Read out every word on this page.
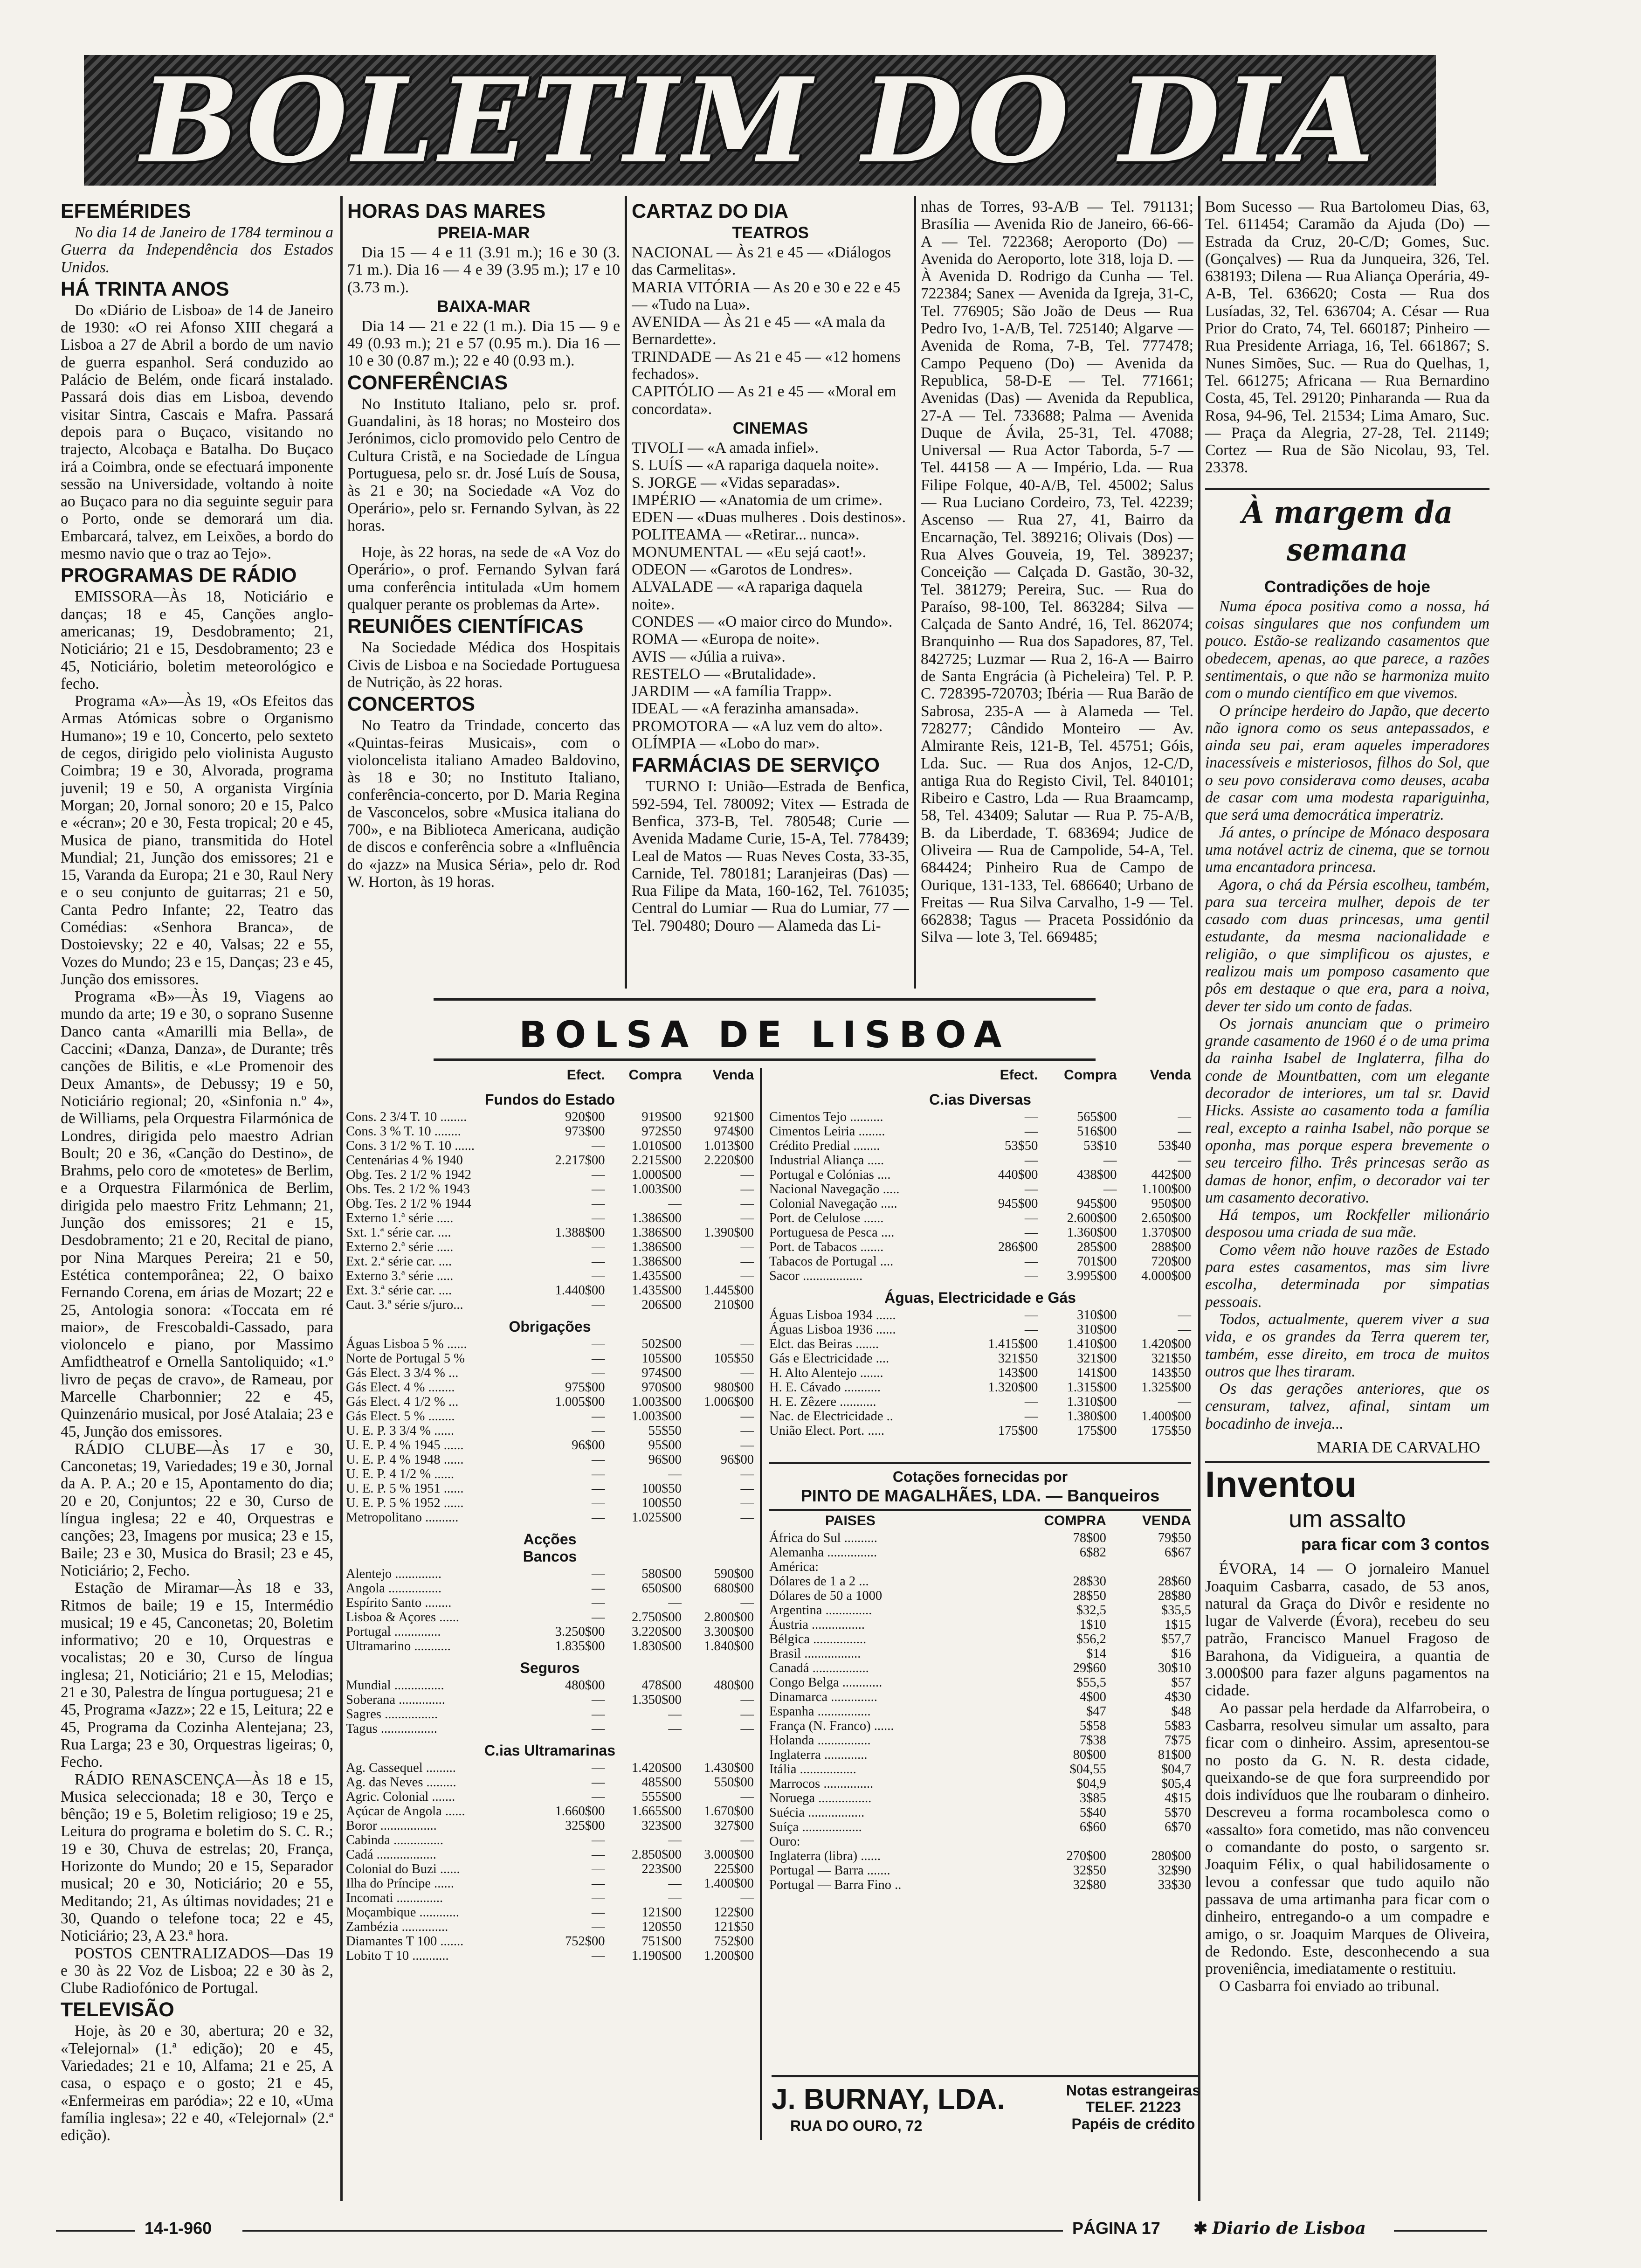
BOLETIM DO DIA
EFEMÉRIDES

No dia 14 de Janeiro de 1784 terminou a Guerra da Independência dos Estados Unidos.

HÁ TRINTA ANOS

Do «Diário de Lisboa» de 14 de Janeiro de 1930: «O rei Afonso XIII chegará a Lisboa a 27 de Abril a bordo de um navio de guerra espanhol. Será conduzido ao Palácio de Belém, onde ficará instalado. Passará dois dias em Lisboa, devendo visitar Sintra, Cascais e Mafra. Passará depois para o Buçaco, visitando no trajecto, Alcobaça e Batalha. Do Buçaco irá a Coimbra, onde se efectuará imponente sessão na Universidade, voltando à noite ao Buçaco para no dia seguinte seguir para o Porto, onde se demorará um dia. Embarcará, talvez, em Leixões, a bordo do mesmo navio que o traz ao Tejo».

PROGRAMAS DE RÁDIO

EMISSORA—Às 18, Noticiário e danças; 18 e 45, Canções anglo-americanas; 19, Desdobramento; 21, Noticiário; 21 e 15, Desdobramento; 23 e 45, Noticiário, boletim meteorológico e fecho.

Programa «A»—Às 19, «Os Efeitos das Armas Atómicas sobre o Organismo Humano»; 19 e 10, Concerto, pelo sexteto de cegos, dirigido pelo violinista Augusto Coimbra; 19 e 30, Alvorada, programa juvenil; 19 e 50, A organista Virgínia Morgan; 20, Jornal sonoro; 20 e 15, Palco e «écran»; 20 e 30, Festa tropical; 20 e 45, Musica de piano, transmitida do Hotel Mundial; 21, Junção dos emissores; 21 e 15, Varanda da Europa; 21 e 30, Raul Nery e o seu conjunto de guitarras; 21 e 50, Canta Pedro Infante; 22, Teatro das Comédias: «Senhora Branca», de Dostoievsky; 22 e 40, Valsas; 22 e 55, Vozes do Mundo; 23 e 15, Danças; 23 e 45, Junção dos emissores.

Programa «B»—Às 19, Viagens ao mundo da arte; 19 e 30, o soprano Susenne Danco canta «Amarilli mia Bella», de Caccini; «Danza, Danza», de Durante; três canções de Bilitis, e «Le Promenoir des Deux Amants», de Debussy; 19 e 50, Noticiário regional; 20, «Sinfonia n.º 4», de Williams, pela Orquestra Filarmónica de Londres, dirigida pelo maestro Adrian Boult; 20 e 36, «Canção do Destino», de Brahms, pelo coro de «motetes» de Berlim, e a Orquestra Filarmónica de Berlim, dirigida pelo maestro Fritz Lehmann; 21, Junção dos emissores; 21 e 15, Desdobramento; 21 e 20, Recital de piano, por Nina Marques Pereira; 21 e 50, Estética contemporânea; 22, O baixo Fernando Corena, em árias de Mozart; 22 e 25, Antologia sonora: «Toccata em ré maior», de Frescobaldi-Cassado, para violoncelo e piano, por Massimo Amfidtheatrof e Ornella Santoliquido; «1.º livro de peças de cravo», de Rameau, por Marcelle Charbonnier; 22 e 45, Quinzenário musical, por José Atalaia; 23 e 45, Junção dos emissores.

RÁDIO CLUBE—Às 17 e 30, Canconetas; 19, Variedades; 19 e 30, Jornal da A. P. A.; 20 e 15, Apontamento do dia; 20 e 20, Conjuntos; 22 e 30, Curso de língua inglesa; 22 e 40, Orquestras e canções; 23, Imagens por musica; 23 e 15, Baile; 23 e 30, Musica do Brasil; 23 e 45, Noticiário; 2, Fecho.

Estação de Miramar—Às 18 e 33, Ritmos de baile; 19 e 15, Intermédio musical; 19 e 45, Canconetas; 20, Boletim informativo; 20 e 10, Orquestras e vocalistas; 20 e 30, Curso de língua inglesa; 21, Noticiário; 21 e 15, Melodias; 21 e 30, Palestra de língua portuguesa; 21 e 45, Programa «Jazz»; 22 e 15, Leitura; 22 e 45, Programa da Cozinha Alentejana; 23, Rua Larga; 23 e 30, Orquestras ligeiras; 0, Fecho.

RÁDIO RENASCENÇA—Às 18 e 15, Musica seleccionada; 18 e 30, Terço e bênção; 19 e 5, Boletim religioso; 19 e 25, Leitura do programa e boletim do S. C. R.; 19 e 30, Chuva de estrelas; 20, França, Horizonte do Mundo; 20 e 15, Separador musical; 20 e 30, Noticiário; 20 e 55, Meditando; 21, As últimas novidades; 21 e 30, Quando o telefone toca; 22 e 45, Noticiário; 23, A 23.ª hora.

POSTOS CENTRALIZADOS—Das 19 e 30 às 22 Voz de Lisboa; 22 e 30 às 2, Clube Radiofónico de Portugal.

TELEVISÃO

Hoje, às 20 e 30, abertura; 20 e 32, «Telejornal» (1.ª edição); 20 e 45, Variedades; 21 e 10, Alfama; 21 e 25, A casa, o espaço e o gosto; 21 e 45, «Enfermeiras em paródia»; 22 e 10, «Uma família inglesa»; 22 e 40, «Telejornal» (2.ª edição).

HORAS DAS MARES
PREIA-MAR

Dia 15 — 4 e 11 (3.91 m.); 16 e 30 (3. 71 m.). Dia 16 — 4 e 39 (3.95 m.); 17 e 10 (3.73 m.).

BAIXA-MAR

Dia 14 — 21 e 22 (1 m.). Dia 15 — 9 e 49 (0.93 m.); 21 e 57 (0.95 m.). Dia 16 — 10 e 30 (0.87 m.); 22 e 40 (0.93 m.).

CONFERÊNCIAS

No Instituto Italiano, pelo sr. prof. Guandalini, às 18 horas; no Mosteiro dos Jerónimos, ciclo promovido pelo Centro de Cultura Cristã, e na Sociedade de Língua Portuguesa, pelo sr. dr. José Luís de Sousa, às 21 e 30; na Sociedade «A Voz do Operário», pelo sr. Fernando Sylvan, às 22 horas.

Hoje, às 22 horas, na sede de «A Voz do Operário», o prof. Fernando Sylvan fará uma conferência intitulada «Um homem qualquer perante os problemas da Arte».

REUNIÕES CIENTÍFICAS

Na Sociedade Médica dos Hospitais Civis de Lisboa e na Sociedade Portuguesa de Nutrição, às 22 horas.

CONCERTOS

No Teatro da Trindade, concerto das «Quintas-feiras Musicais», com o violoncelista italiano Amadeo Baldovino, às 18 e 30; no Instituto Italiano, conferência-concerto, por D. Maria Regina de Vasconcelos, sobre «Musica italiana do 700», e na Biblioteca Americana, audição de discos e conferência sobre a «Influência do «jazz» na Musica Séria», pelo dr. Rod W. Horton, às 19 horas.

CARTAZ DO DIA
TEATROS
NACIONAL — Às 21 e 45 — «Diálogos das Carmelitas».
MARIA VITÓRIA — As 20 e 30 e 22 e 45 — «Tudo na Lua».
AVENIDA — Às 21 e 45 — «A mala da Bernardette».
TRINDADE — As 21 e 45 — «12 homens fechados».
CAPITÓLIO — As 21 e 45 — «Moral em concordata».
CINEMAS
TIVOLI — «A amada infiel».
S. LUÍS — «A rapariga daquela noite».
S. JORGE — «Vidas separadas».
IMPÉRIO — «Anatomia de um crime».
EDEN — «Duas mulheres . Dois destinos».
POLITEAMA — «Retirar... nunca».
MONUMENTAL — «Eu sejá caot!».
ODEON — «Garotos de Londres».
ALVALADE — «A rapariga daquela noite».
CONDES — «O maior circo do Mundo».
ROMA — «Europa de noite».
AVIS — «Júlia a ruiva».
RESTELO — «Brutalidade».
JARDIM — «A família Trapp».
IDEAL — «A ferazinha amansada».
PROMOTORA — «A luz vem do alto».
OLÍMPIA — «Lobo do mar».
FARMÁCIAS DE SERVIÇO

TURNO I: União—Estrada de Benfica, 592-594, Tel. 780092; Vitex — Estrada de Benfica, 373-B, Tel. 780548; Curie — Avenida Madame Curie, 15-A, Tel. 778439; Leal de Matos — Ruas Neves Costa, 33-35, Carnide, Tel. 780181; Laranjeiras (Das) — Rua Filipe da Mata, 160-162, Tel. 761035; Central do Lumiar — Rua do Lumiar, 77 — Tel. 790480; Douro — Alameda das Li-

nhas de Torres, 93-A/B — Tel. 791131; Brasília — Avenida Rio de Janeiro, 66-66-A — Tel. 722368; Aeroporto (Do) — Avenida do Aeroporto, lote 318, loja D. — À Avenida D. Rodrigo da Cunha — Tel. 722384; Sanex — Avenida da Igreja, 31-C, Tel. 776905; São João de Deus — Rua Pedro Ivo, 1-A/B, Tel. 725140; Algarve — Avenida de Roma, 7-B, Tel. 777478; Campo Pequeno (Do) — Avenida da Republica, 58-D-E — Tel. 771661; Avenidas (Das) — Avenida da Republica, 27-A — Tel. 733688; Palma — Avenida Duque de Ávila, 25-31, Tel. 47088; Universal — Rua Actor Taborda, 5-7 — Tel. 44158 — A — Império, Lda. — Rua Filipe Folque, 40-A/B, Tel. 45002; Salus — Rua Luciano Cordeiro, 73, Tel. 42239; Ascenso — Rua 27, 41, Bairro da Encarnação, Tel. 389216; Olivais (Dos) — Rua Alves Gouveia, 19, Tel. 389237; Conceição — Calçada D. Gastão, 30-32, Tel. 381279; Pereira, Suc. — Rua do Paraíso, 98-100, Tel. 863284; Silva — Calçada de Santo André, 16, Tel. 862074; Branquinho — Rua dos Sapadores, 87, Tel. 842725; Luzmar — Rua 2, 16-A — Bairro de Santa Engrácia (à Picheleira) Tel. P. P. C. 728395-720703; Ibéria — Rua Barão de Sabrosa, 235-A — à Alameda — Tel. 728277; Cândido Monteiro — Av. Almirante Reis, 121-B, Tel. 45751; Góis, Lda. Suc. — Rua dos Anjos, 12-C/D, antiga Rua do Registo Civil, Tel. 840101; Ribeiro e Castro, Lda — Rua Braamcamp, 58, Tel. 43409; Salutar — Rua P. 75-A/B, B. da Liberdade, T. 683694; Judice de Oliveira — Rua de Campolide, 54-A, Tel. 684424; Pinheiro Rua de Campo de Ourique, 131-133, Tel. 686640; Urbano de Freitas — Rua Silva Carvalho, 1-9 — Tel. 662838; Tagus — Praceta Possidónio da Silva — lote 3, Tel. 669485;
Bom Sucesso — Rua Bartolomeu Dias, 63, Tel. 611454; Caramão da Ajuda (Do) — Estrada da Cruz, 20-C/D; Gomes, Suc. (Gonçalves) — Rua da Junqueira, 326, Tel. 638193; Dilena — Rua Aliança Operária, 49-A-B, Tel. 636620; Costa — Rua dos Lusíadas, 32, Tel. 636704; A. César — Rua Prior do Crato, 74, Tel. 660187; Pinheiro — Rua Presidente Arriaga, 16, Tel. 661867; S. Nunes Simões, Suc. — Rua do Quelhas, 1, Tel. 661275; Africana — Rua Bernardino Costa, 45, Tel. 29120; Pinharanda — Rua da Rosa, 94-96, Tel. 21534; Lima Amaro, Suc. — Praça da Alegria, 27-28, Tel. 21149; Cortez — Rua de São Nicolau, 93, Tel. 23378.
À margem da semana
Contradições de hoje

Numa época positiva como a nossa, há coisas singulares que nos confundem um pouco. Estão-se realizando casamentos que obedecem, apenas, ao que parece, a razões sentimentais, o que não se harmoniza muito com o mundo científico em que vivemos.

O príncipe herdeiro do Japão, que decerto não ignora como os seus antepassados, e ainda seu pai, eram aqueles imperadores inacessíveis e misteriosos, filhos do Sol, que o seu povo considerava como deuses, acaba de casar com uma modesta rapariguinha, que será uma democrática imperatriz.

Já antes, o príncipe de Mónaco desposara uma notável actriz de cinema, que se tornou uma encantadora princesa.

Agora, o chá da Pérsia escolheu, também, para sua terceira mulher, depois de ter casado com duas princesas, uma gentil estudante, da mesma nacionalidade e religião, o que simplificou os ajustes, e realizou mais um pomposo casamento que pôs em destaque o que era, para a noiva, dever ter sido um conto de fadas.

Os jornais anunciam que o primeiro grande casamento de 1960 é o de uma prima da rainha Isabel de Inglaterra, filha do conde de Mountbatten, com um elegante decorador de interiores, um tal sr. David Hicks. Assiste ao casamento toda a família real, excepto a rainha Isabel, não porque se oponha, mas porque espera brevemente o seu terceiro filho. Três princesas serão as damas de honor, enfim, o decorador vai ter um casamento decorativo.

Há tempos, um Rockfeller milionário desposou uma criada de sua mãe.

Como vêem não houve razões de Estado para estes casamentos, mas sim livre escolha, determinada por simpatias pessoais.

Todos, actualmente, querem viver a sua vida, e os grandes da Terra querem ter, também, esse direito, em troca de muitos outros que lhes tiraram.

Os das gerações anteriores, que os censuram, talvez, afinal, sintam um bocadinho de inveja...

MARIA DE CARVALHO
Inventou
um assalto
para ficar com 3 contos

ÉVORA, 14 — O jornaleiro Manuel Joaquim Casbarra, casado, de 53 anos, natural da Graça do Divôr e residente no lugar de Valverde (Évora), recebeu do seu patrão, Francisco Manuel Fragoso de Barahona, da Vidigueira, a quantia de 3.000$00 para fazer alguns pagamentos na cidade.

Ao passar pela herdade da Alfarrobeira, o Casbarra, resolveu simular um assalto, para ficar com o dinheiro. Assim, apresentou-se no posto da G. N. R. desta cidade, queixando-se de que fora surpreendido por dois indivíduos que lhe roubaram o dinheiro. Descreveu a forma rocambolesca como o «assalto» fora cometido, mas não convenceu o comandante do posto, o sargento sr. Joaquim Félix, o qual habilidosamente o levou a confessar que tudo aquilo não passava de uma artimanha para ficar com o dinheiro, entregando-o a um compadre e amigo, o sr. Joaquim Marques de Oliveira, de Redondo. Este, desconhecendo a sua proveniência, imediatamente o restituiu.

O Casbarra foi enviado ao tribunal.

BOLSA DE LISBOA
	Efect.	Compra	Venda
Fundos do Estado			
Cons. 2 3/4 T. 10 ........	920$00	919$00	921$00
Cons. 3 % T. 10 ........	973$00	972$50	974$00
Cons. 3 1/2 % T. 10 ......	—	1.010$00	1.013$00
Centenárias 4 % 1940	2.217$00	2.215$00	2.220$00
Obg. Tes. 2 1/2 % 1942	—	1.000$00	—
Obs. Tes. 2 1/2 % 1943	—	1.003$00	—
Obg. Tes. 2 1/2 % 1944	—	—	—
Externo 1.ª série .....	—	1.386$00	—
Sxt. 1.ª série car. ....	1.388$00	1.386$00	1.390$00
Externo 2.ª série .....	—	1.386$00	—
Ext. 2.ª série car. ....	—	1.386$00	—
Externo 3.ª série .....	—	1.435$00	—
Ext. 3.ª série car. ....	1.440$00	1.435$00	1.445$00
Caut. 3.ª série s/juro...	—	206$00	210$00
Obrigações			
Águas Lisboa 5 % ......	—	502$00	—
Norte de Portugal 5 %	—	105$00	105$50
Gás Elect. 3 3/4 % ...	—	974$00	—
Gás Elect. 4 % ........	975$00	970$00	980$00
Gás Elect. 4 1/2 % ...	1.005$00	1.003$00	1.006$00
Gás Elect. 5 % ........	—	1.003$00	—
U. E. P. 3 3/4 % ......	—	55$50	—
U. E. P. 4 % 1945 ......	96$00	95$00	—
U. E. P. 4 % 1948 ......	—	96$00	96$00
U. E. P. 4 1/2 % ......	—	—	—
U. E. P. 5 % 1951 ......	—	100$50	—
U. E. P. 5 % 1952 ......	—	100$50	—
Metropolitano ..........	—	1.025$00	—
Acções			
Bancos			
Alentejo ..............	—	580$00	590$00
Angola ................	—	650$00	680$00
Espírito Santo ........	—	—	—
Lisboa & Açores ......	—	2.750$00	2.800$00
Portugal ..............	3.250$00	3.220$00	3.300$00
Ultramarino ...........	1.835$00	1.830$00	1.840$00
Seguros			
Mundial ...............	480$00	478$00	480$00
Soberana ..............	—	1.350$00	—
Sagres ................	—	—	—
Tagus .................	—	—	—
C.ias Ultramarinas			
Ag. Cassequel .........	—	1.420$00	1.430$00
Ag. das Neves .........	—	485$00	550$00
Agric. Colonial .......	—	555$00	—
Açúcar de Angola ......	1.660$00	1.665$00	1.670$00
Boror .................	325$00	323$00	327$00
Cabinda ...............	—	—	—
Cadá ..................	—	2.850$00	3.000$00
Colonial do Buzi ......	—	223$00	225$00
Ilha do Príncipe ......	—	—	1.400$00
Incomati ..............	—	—	—
Moçambique ............	—	121$00	122$00
Zambézia ..............	—	120$50	121$50
Diamantes T 100 .......	752$00	751$00	752$00
Lobito T 10 ...........	—	1.190$00	1.200$00
	Efect.	Compra	Venda
C.ias Diversas			
Cimentos Tejo ..........	—	565$00	—
Cimentos Leiria ........	—	516$00	—
Crédito Predial ........	53$50	53$10	53$40
Industrial Aliança .....	—	—	—
Portugal e Colónias ....	440$00	438$00	442$00
Nacional Navegação .....	—	—	1.100$00
Colonial Navegação .....	945$00	945$00	950$00
Port. de Celulose ......	—	2.600$00	2.650$00
Portuguesa de Pesca ....	—	1.360$00	1.370$00
Port. de Tabacos .......	286$00	285$00	288$00
Tabacos de Portugal ....	—	701$00	720$00
Sacor ..................	—	3.995$00	4.000$00
Águas, Electricidade e Gás			
Águas Lisboa 1934 ......	—	310$00	—
Águas Lisboa 1936 ......	—	310$00	—
Elct. das Beiras .......	1.415$00	1.410$00	1.420$00
Gás e Electricidade ....	321$50	321$00	321$50
H. Alto Alentejo .......	143$00	141$00	143$50
H. E. Cávado ...........	1.320$00	1.315$00	1.325$00
H. E. Zêzere ...........	—	1.310$00	—
Nac. de Electricidade ..	—	1.380$00	1.400$00
União Elect. Port. .....	175$00	175$00	175$50
Cotações fornecidas por
PINTO DE MAGALHÃES, LDA. — Banqueiros
PAISES	COMPRA	VENDA
África do Sul ..........	78$00	79$50
Alemanha ...............	6$82	6$67
América:		
Dólares de 1 a 2 ...	28$30	28$60
Dólares de 50 a 1000	28$50	28$80
Argentina ..............	$32,5	$35,5
Áustria ................	1$10	1$15
Bélgica ................	$56,2	$57,7
Brasil .................	$14	$16
Canadá .................	29$60	30$10
Congo Belga ............	$55,5	$57
Dinamarca ..............	4$00	4$30
Espanha ................	$47	$48
França (N. Franco) ......	5$58	5$83
Holanda ................	7$38	7$75
Inglaterra .............	80$00	81$00
Itália .................	$04,55	$04,7
Marrocos ...............	$04,9	$05,4
Noruega ................	3$85	4$15
Suécia .................	5$40	5$70
Suíça ..................	6$60	6$70
Ouro:		
Inglaterra (libra) ......	270$00	280$00
Portugal — Barra .......	32$50	32$90
Portugal — Barra Fino ..	32$80	33$30
J. BURNAY, LDA.
RUA DO OURO, 72
Notas estrangeiras
TELEF. 21223
Papéis de crédito
14-1-960	PÁGINA 17 ✱ Diario de Lisboa
